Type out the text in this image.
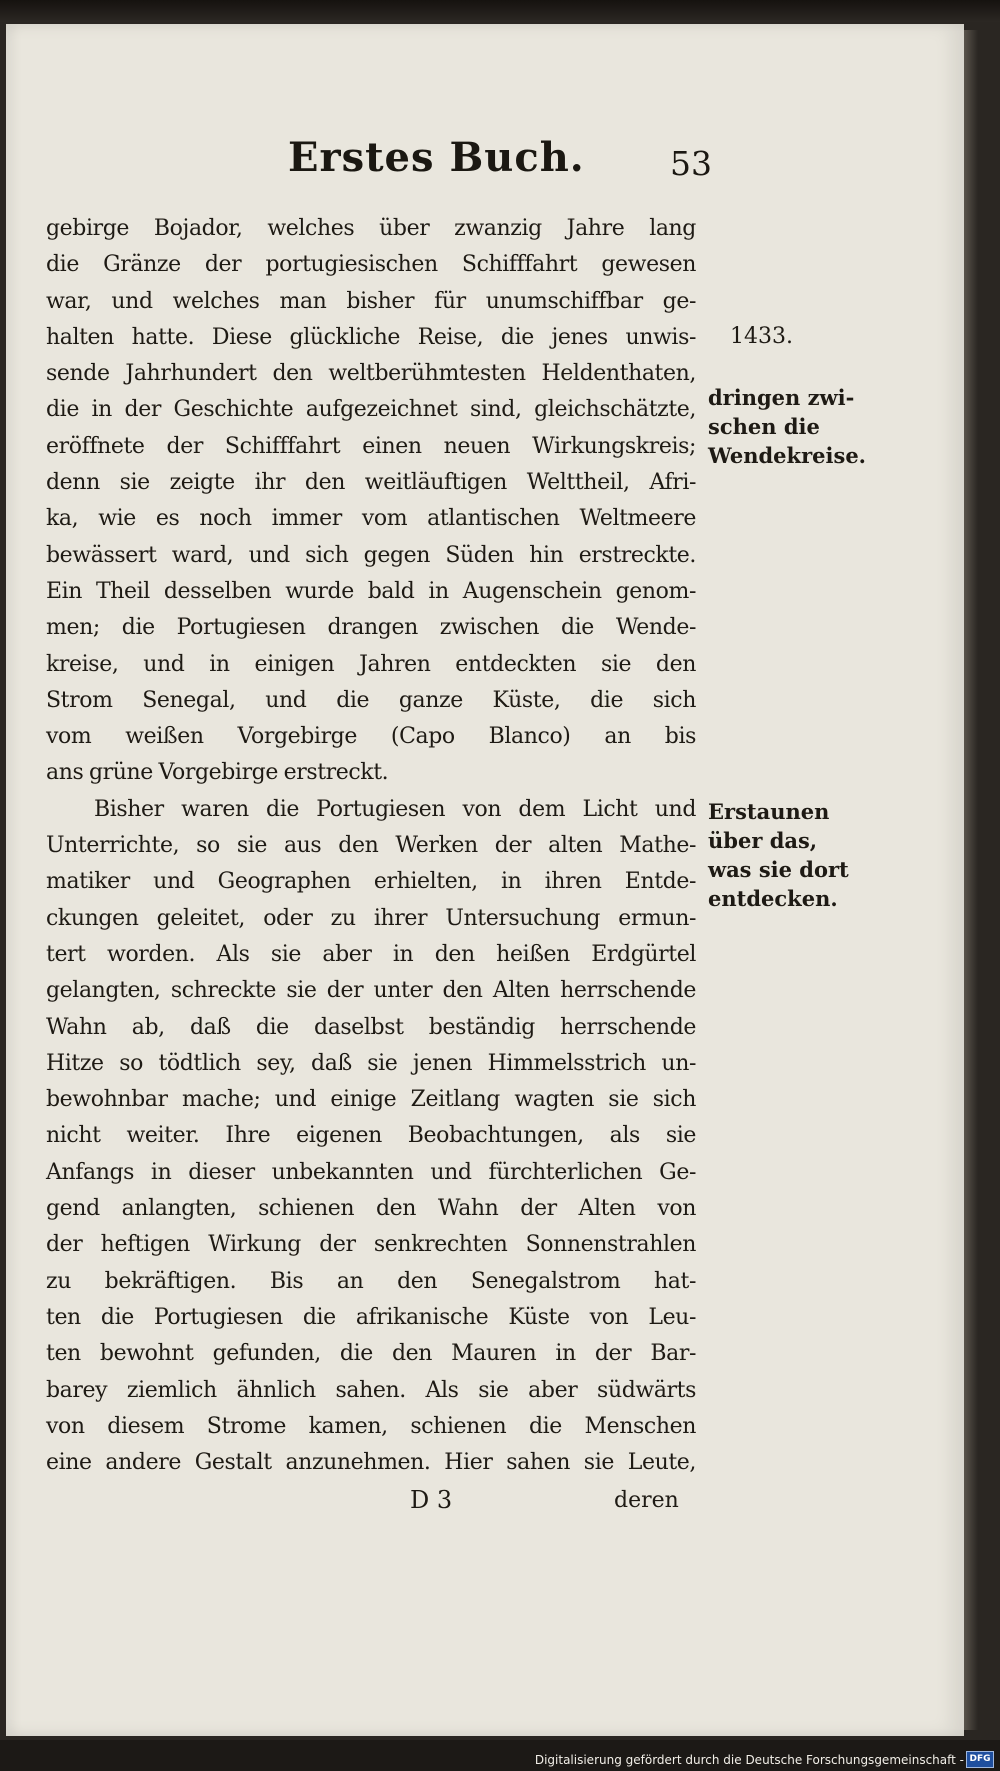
Erstes Buch.	53
gebirge Bojador, welches über zwanzig Jahre lang
die Gränze der portugiesischen Schifffahrt gewesen
war, und welches man bisher für unumschiffbar ge-
halten hatte. Diese glückliche Reise, die jenes unwis-
sende Jahrhundert den weltberühmtesten Heldenthaten,
die in der Geschichte aufgezeichnet sind, gleichschätzte,
eröffnete der Schifffahrt einen neuen Wirkungskreis;
denn sie zeigte ihr den weitläuftigen Welttheil, Afri-
ka, wie es noch immer vom atlantischen Weltmeere
bewässert ward, und sich gegen Süden hin erstreckte.
Ein Theil desselben wurde bald in Augenschein genom-
men; die Portugiesen drangen zwischen die Wende-
kreise, und in einigen Jahren entdeckten sie den
Strom Senegal, und die ganze Küste, die sich
vom weißen Vorgebirge (Capo Blanco) an bis
ans grüne Vorgebirge erstreckt.
Bisher waren die Portugiesen von dem Licht und
Unterrichte, so sie aus den Werken der alten Mathe-
matiker und Geographen erhielten, in ihren Entde-
ckungen geleitet, oder zu ihrer Untersuchung ermun-
tert worden. Als sie aber in den heißen Erdgürtel
gelangten, schreckte sie der unter den Alten herrschende
Wahn ab, daß die daselbst beständig herrschende
Hitze so tödtlich sey, daß sie jenen Himmelsstrich un-
bewohnbar mache; und einige Zeitlang wagten sie sich
nicht weiter. Ihre eigenen Beobachtungen, als sie
Anfangs in dieser unbekannten und fürchterlichen Ge-
gend anlangten, schienen den Wahn der Alten von
der heftigen Wirkung der senkrechten Sonnenstrahlen
zu bekräftigen. Bis an den Senegalstrom hat-
ten die Portugiesen die afrikanische Küste von Leu-
ten bewohnt gefunden, die den Mauren in der Bar-
barey ziemlich ähnlich sahen. Als sie aber südwärts
von diesem Strome kamen, schienen die Menschen
eine andere Gestalt anzunehmen. Hier sahen sie Leute,
1433.
dringen zwi-
schen die
Wendekreise.
Erstaunen
über das,
was sie dort
entdecken.
D 3	deren
Digitalisierung gefördert durch die Deutsche Forschungsgemeinschaft - DFG
